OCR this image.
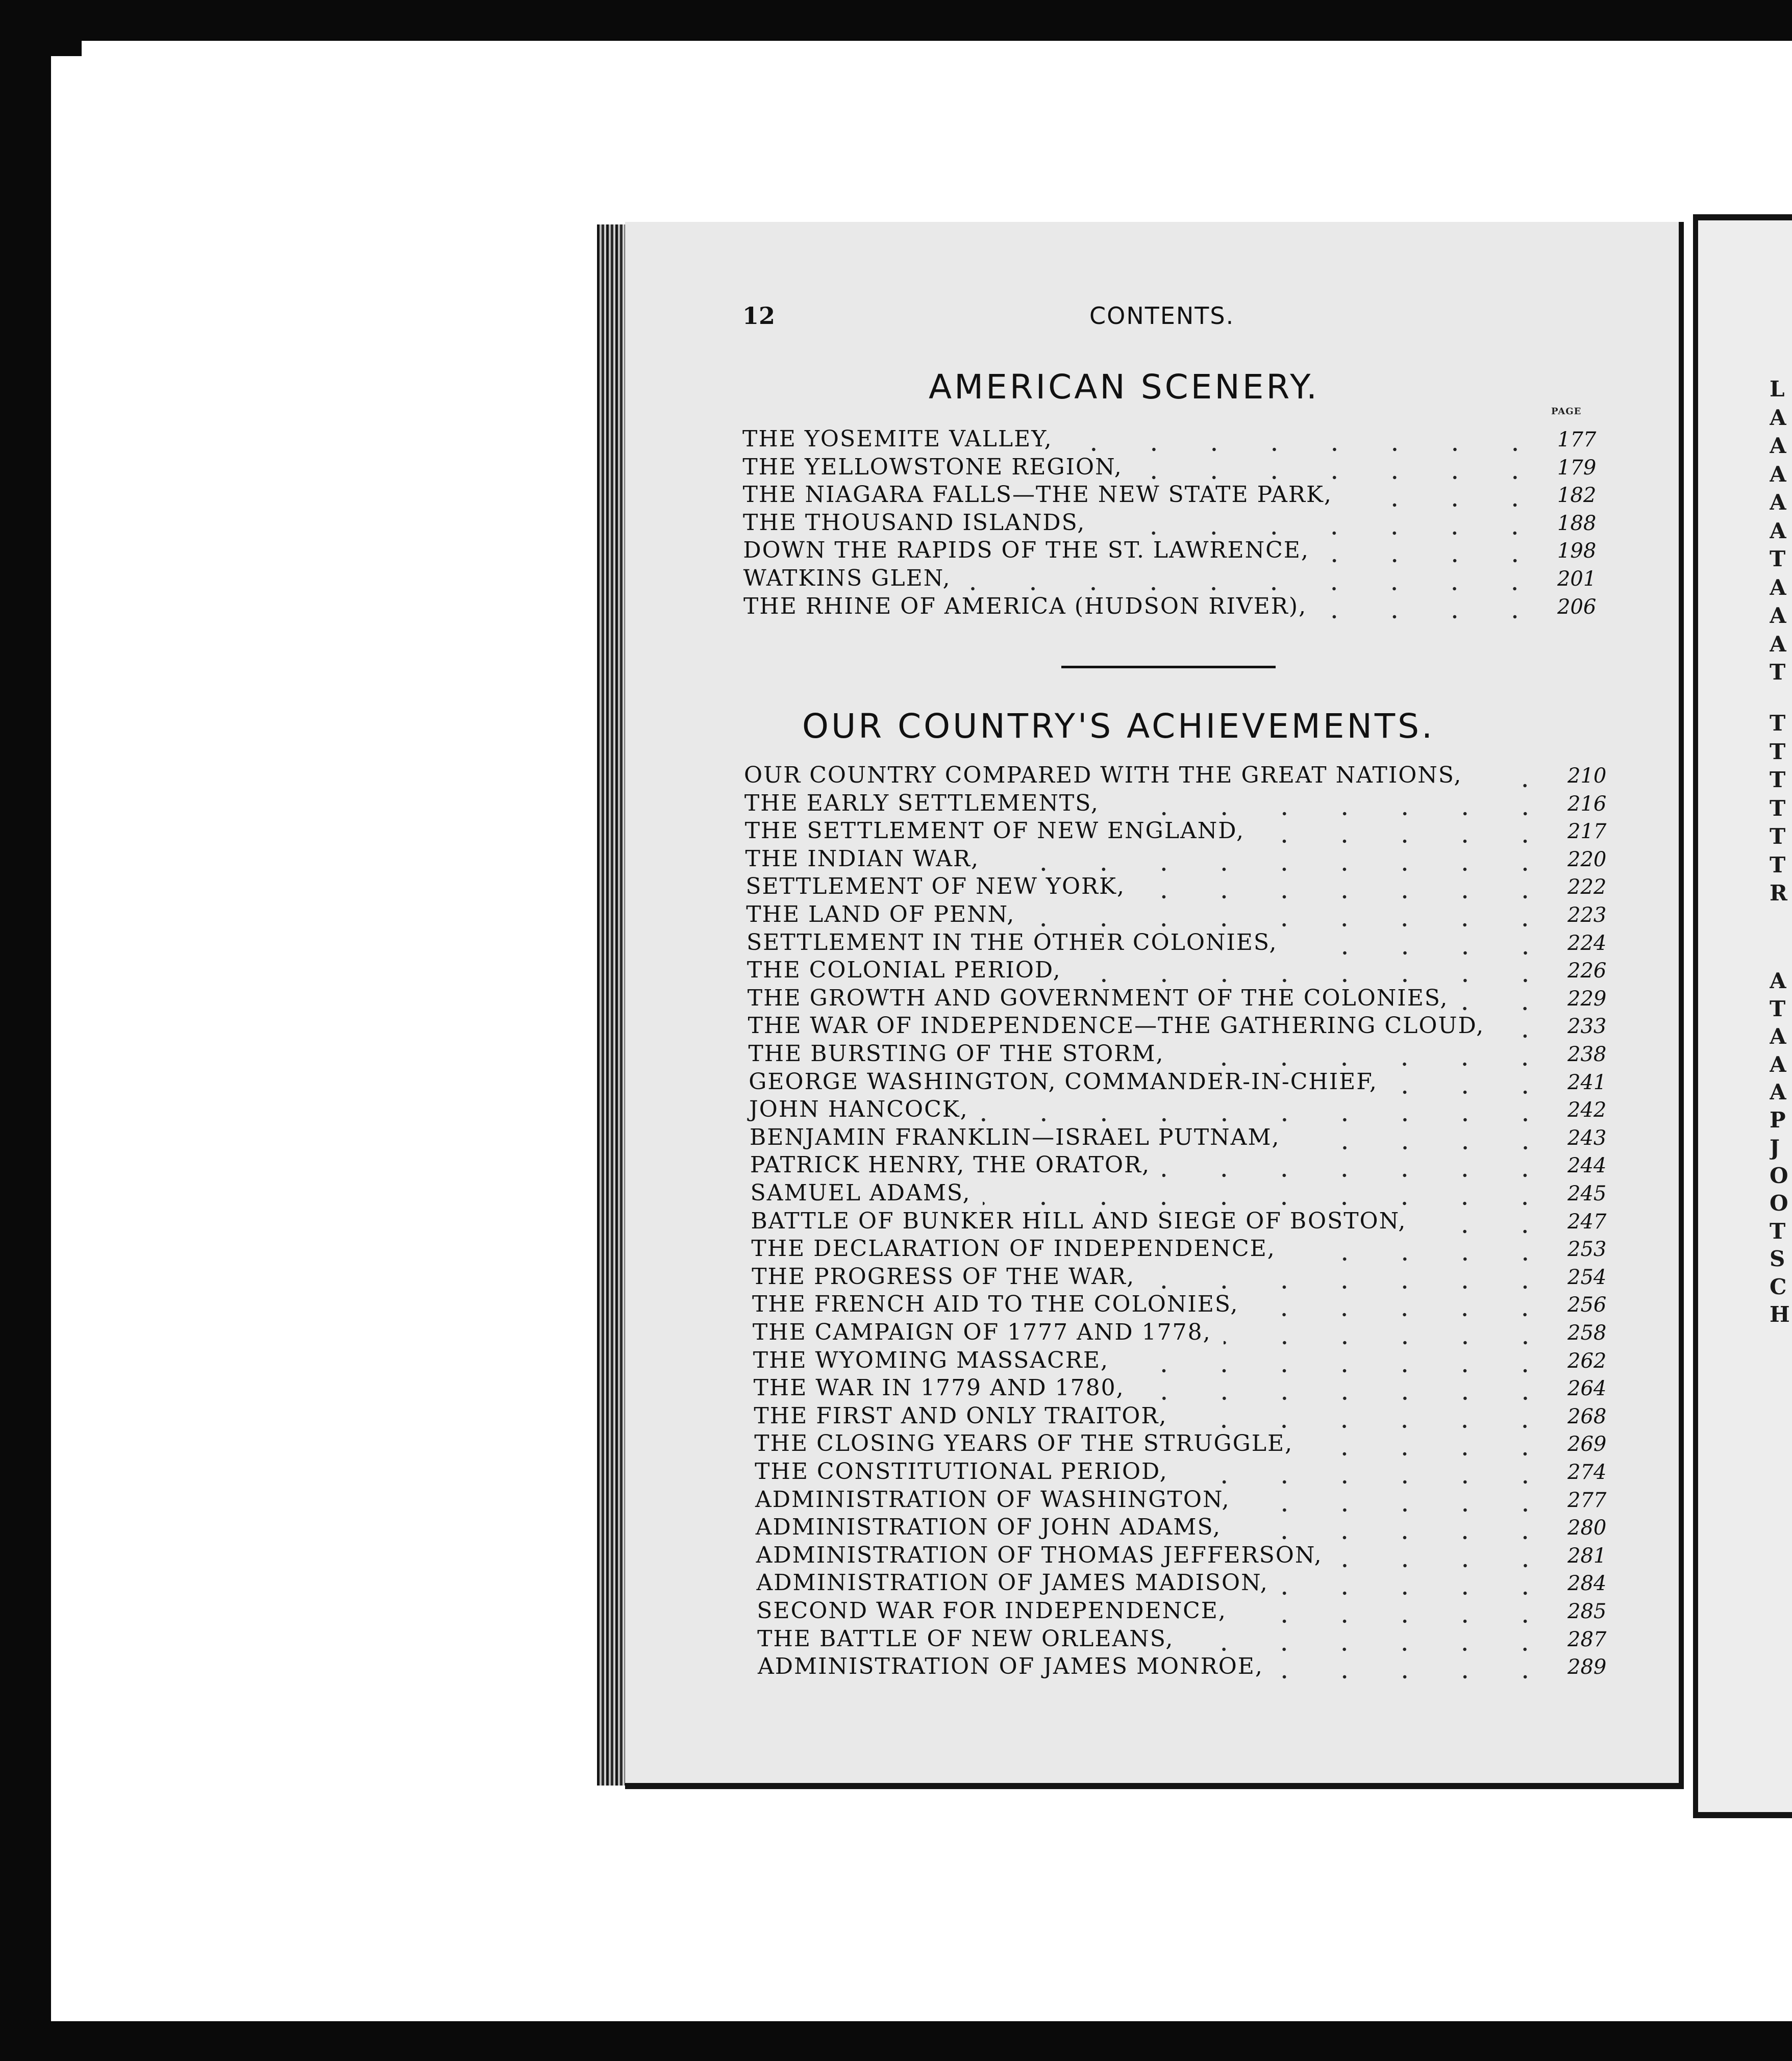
L
A
A
A
A
A
T
A
A
A
T
T
T
T
T
T
T
R
A
T
A
A
A
P
J
O
O
T
S
C
H
12	CONTENTS.
AMERICAN SCENERY.
PAGE
OUR COUNTRY'S ACHIEVEMENTS.
THE YOSEMITE VALLEY,	177
THE YELLOWSTONE REGION,	179
THE NIAGARA FALLS—THE NEW STATE PARK,	182
THE THOUSAND ISLANDS,	188
DOWN THE RAPIDS OF THE ST. LAWRENCE,	198
WATKINS GLEN,	201
THE RHINE OF AMERICA (HUDSON RIVER),	206
OUR COUNTRY COMPARED WITH THE GREAT NATIONS,	210
THE EARLY SETTLEMENTS,	216
THE SETTLEMENT OF NEW ENGLAND,	217
THE INDIAN WAR,	220
SETTLEMENT OF NEW YORK,	222
THE LAND OF PENN,	223
SETTLEMENT IN THE OTHER COLONIES,	224
THE COLONIAL PERIOD,	226
THE GROWTH AND GOVERNMENT OF THE COLONIES,	229
THE WAR OF INDEPENDENCE—THE GATHERING CLOUD,	233
THE BURSTING OF THE STORM,	238
GEORGE WASHINGTON, COMMANDER-IN-CHIEF,	241
JOHN HANCOCK,	242
BENJAMIN FRANKLIN—ISRAEL PUTNAM,	243
PATRICK HENRY, THE ORATOR,	244
SAMUEL ADAMS,	245
BATTLE OF BUNKER HILL AND SIEGE OF BOSTON,	247
THE DECLARATION OF INDEPENDENCE,	253
THE PROGRESS OF THE WAR,	254
THE FRENCH AID TO THE COLONIES,	256
THE CAMPAIGN OF 1777 AND 1778,	258
THE WYOMING MASSACRE,	262
THE WAR IN 1779 AND 1780,	264
THE FIRST AND ONLY TRAITOR,	268
THE CLOSING YEARS OF THE STRUGGLE,	269
THE CONSTITUTIONAL PERIOD,	274
ADMINISTRATION OF WASHINGTON,	277
ADMINISTRATION OF JOHN ADAMS,	280
ADMINISTRATION OF THOMAS JEFFERSON,	281
ADMINISTRATION OF JAMES MADISON,	284
SECOND WAR FOR INDEPENDENCE,	285
THE BATTLE OF NEW ORLEANS,	287
ADMINISTRATION OF JAMES MONROE,	289
